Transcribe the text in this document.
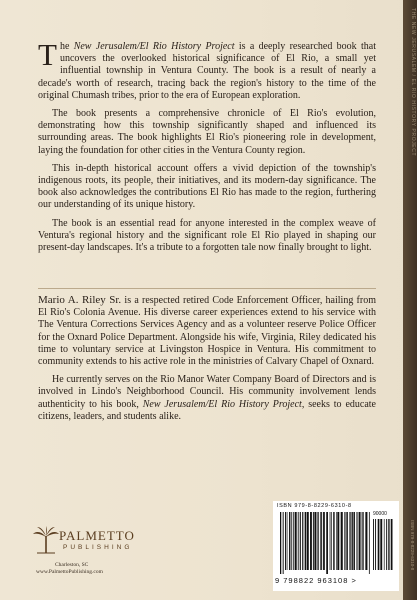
THE NEW JERUSALEM / EL RIO HISTORY PROJECT
ISBN 979-8-8229-6310-8

The New Jerusalem/El Rio History Project is a deeply researched book that uncovers the overlooked historical significance of El Rio, a small yet influential township in Ventura County. The book is a result of nearly a decade's worth of research, tracing back the region's history to the time of the original Chumash tribes, prior to the era of European exploration.

The book presents a comprehensive chronicle of El Rio's evolution, demonstrating how this township significantly shaped and influenced its surrounding areas. The book highlights El Rio's pioneering role in development, laying the foundation for other cities in the Ventura County region.

This in-depth historical account offers a vivid depiction of the township's indigenous roots, its people, their initiatives, and its modern-day significance. The book also acknowledges the contributions El Rio has made to the region, furthering our understanding of its unique history.

The book is an essential read for anyone interested in the complex weave of Ventura's regional history and the significant role El Rio played in shaping our present-day landscapes. It's a tribute to a forgotten tale now finally brought to light.

Mario A. Riley Sr. is a respected retired Code Enforcement Officer, hailing from El Rio's Colonia Avenue. His diverse career experiences extend to his service with The Ventura Corrections Services Agency and as a volunteer reserve Police Officer for the Oxnard Police Department. Alongside his wife, Virginia, Riley dedicated his time to voluntary service at Livingston Hospice in Ventura. His commitment to community extends to his active role in the ministries of Calvary Chapel of Oxnard.

He currently serves on the Rio Manor Water Company Board of Directors and is involved in Lindo's Neighborhood Council. His community involvement lends authenticity to his book, New Jerusalem/El Rio History Project, seeks to educate citizens, leaders, and students alike.

PALMETTO
PUBLISHING
Charleston, SC
www.PalmettoPublishing.com
ISBN 979-8-8229-6310-8
90000
9 798822 963108 >
